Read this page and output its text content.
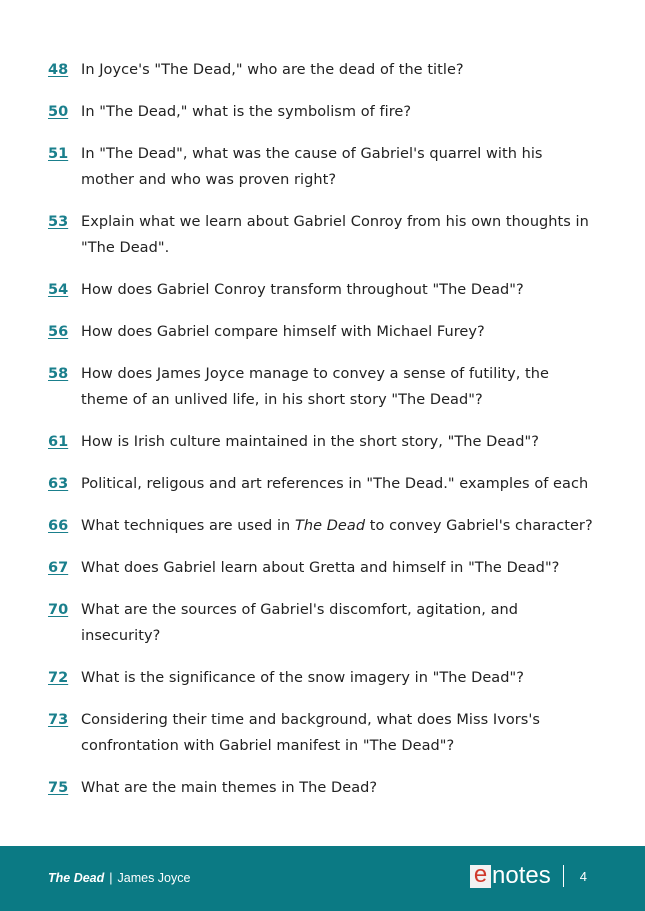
48 In Joyce's "The Dead," who are the dead of the title?
50 In "The Dead," what is the symbolism of fire?
51 In "The Dead", what was the cause of Gabriel's quarrel with his mother and who was proven right?
53 Explain what we learn about Gabriel Conroy from his own thoughts in "The Dead".
54 How does Gabriel Conroy transform throughout "The Dead"?
56 How does Gabriel compare himself with Michael Furey?
58 How does James Joyce manage to convey a sense of futility, the theme of an unlived life, in his short story "The Dead"?
61 How is Irish culture maintained in the short story, "The Dead"?
63 Political, religous and art references in "The Dead." examples of each
66 What techniques are used in The Dead to convey Gabriel's character?
67 What does Gabriel learn about Gretta and himself in "The Dead"?
70 What are the sources of Gabriel's discomfort, agitation, and insecurity?
72 What is the significance of the snow imagery in "The Dead"?
73 Considering their time and background, what does Miss Ivors's confrontation with Gabriel manifest in "The Dead"?
75 What are the main themes in The Dead?
The Dead | James Joyce	e notes 4
